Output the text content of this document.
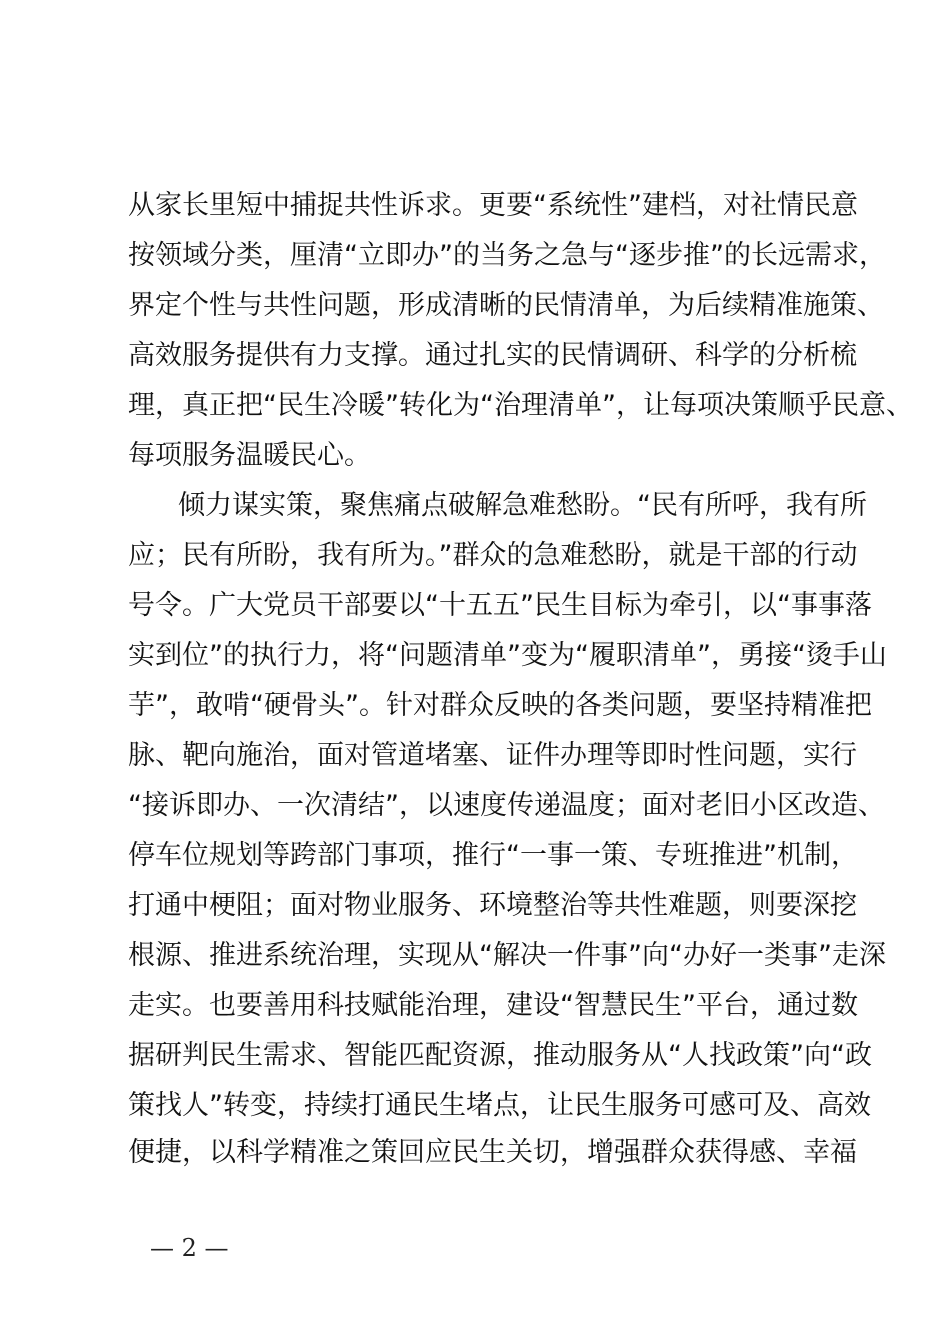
从家长里短中捕捉共性诉求。更要“系统性”建档，对社情民意
按领域分类，厘清“立即办”的当务之急与“逐步推”的长远需求，
界定个性与共性问题，形成清晰的民情清单，为后续精准施策、
高效服务提供有力支撑。通过扎实的民情调研、科学的分析梳
理，真正把“民生冷暖”转化为“治理清单”，让每项决策顺乎民意、
每项服务温暖民心。
倾力谋实策，聚焦痛点破解急难愁盼。“民有所呼，我有所
应；民有所盼，我有所为。”群众的急难愁盼，就是干部的行动
号令。广大党员干部要以“十五五”民生目标为牵引，以“事事落
实到位”的执行力，将“问题清单”变为“履职清单”，勇接“烫手山
芋”，敢啃“硬骨头”。针对群众反映的各类问题，要坚持精准把
脉、靶向施治，面对管道堵塞、证件办理等即时性问题，实行
“接诉即办、一次清结”，以速度传递温度；面对老旧小区改造、
停车位规划等跨部门事项，推行“一事一策、专班推进”机制，
打通中梗阻；面对物业服务、环境整治等共性难题，则要深挖
根源、推进系统治理，实现从“解决一件事”向“办好一类事”走深
走实。也要善用科技赋能治理，建设“智慧民生”平台，通过数
据研判民生需求、智能匹配资源，推动服务从“人找政策”向“政
策找人”转变，持续打通民生堵点，让民生服务可感可及、高效
便捷，以科学精准之策回应民生关切，增强群众获得感、幸福
— 2 —
